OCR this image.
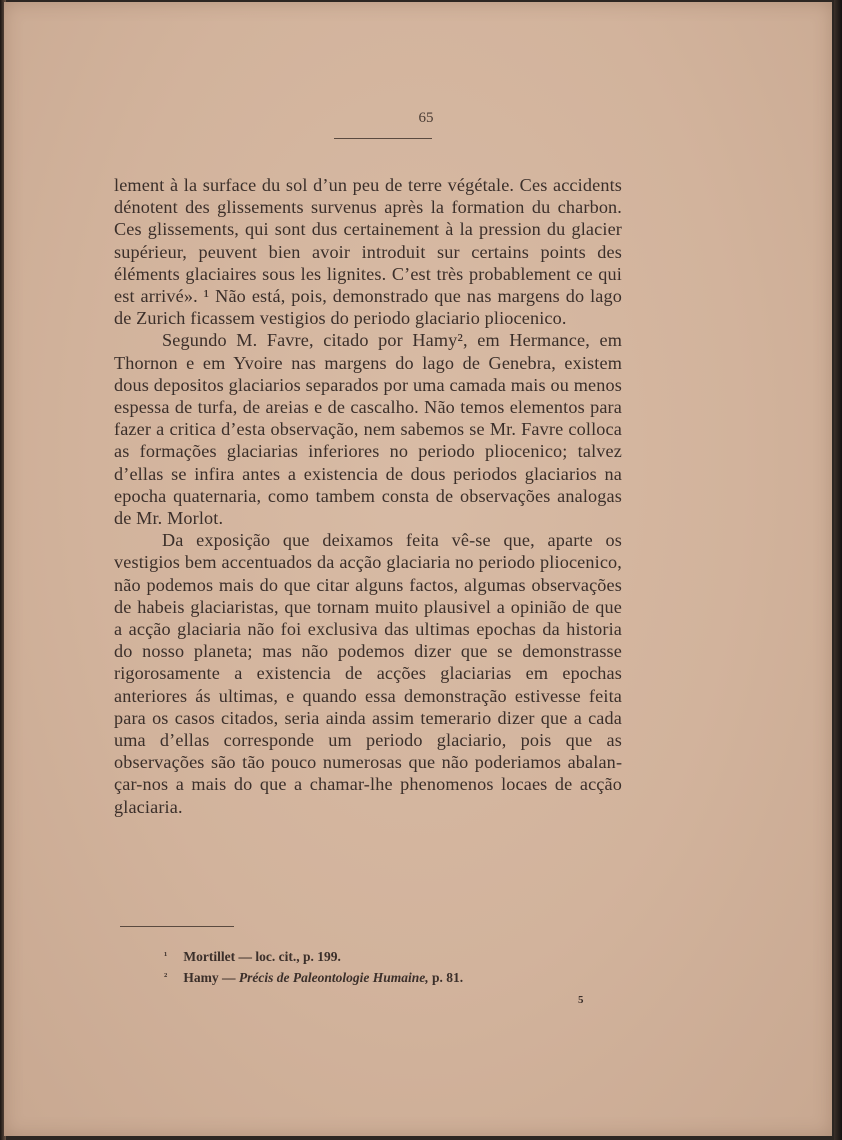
65

lement à la surface du sol d’un peu de terre végétale. Ces accidents dénotent des glissements survenus après la formation du charbon. Ces glissements, qui sont dus certainement à la pression du glacier supérieur, peuvent bien avoir introduit sur certains points des éléments glaciaires sous les lignites. C’est très probablement ce qui est arrivé». ¹ Não está, pois, demonstrado que nas margens do lago de Zurich ficassem vestigios do periodo glaciario pliocenico.

Segundo M. Favre, citado por Hamy², em Hermance, em Thornon e em Yvoire nas margens do lago de Genebra, existem dous depositos glaciarios separados por uma camada mais ou menos espessa de turfa, de areias e de cascalho. Não temos elementos para fazer a critica d’esta observação, nem sabemos se Mr. Favre colloca as formações glaciarias inferiores no periodo pliocenico; talvez d’ellas se infira antes a existencia de dous periodos glaciarios na epocha quaternaria, como tambem consta de observações analogas de Mr. Morlot.

Da exposição que deixamos feita vê-se que, aparte os vestigios bem accentuados da acção glaciaria no periodo pliocenico, não podemos mais do que citar alguns factos, algumas observações de habeis glaciaristas, que tornam muito plausivel a opinião de que a acção glaciaria não foi exclusiva das ultimas epochas da historia do nosso planeta; mas não podemos dizer que se demonstrasse rigorosamente a existencia de acções glaciarias em epochas anteriores ás ultimas, e quando essa demonstração estivesse feita para os casos citados, seria ainda assim temerario dizer que a cada uma d’ellas corresponde um periodo glaciario, pois que as observações são tão pouco numerosas que não poderiamos abalançar-nos a mais do que a chamar-lhe phenomenos locaes de acção glaciaria.

¹ Mortillet — loc. cit., p. 199.
² Hamy — Précis de Paleontologie Humaine, p. 81.
5
